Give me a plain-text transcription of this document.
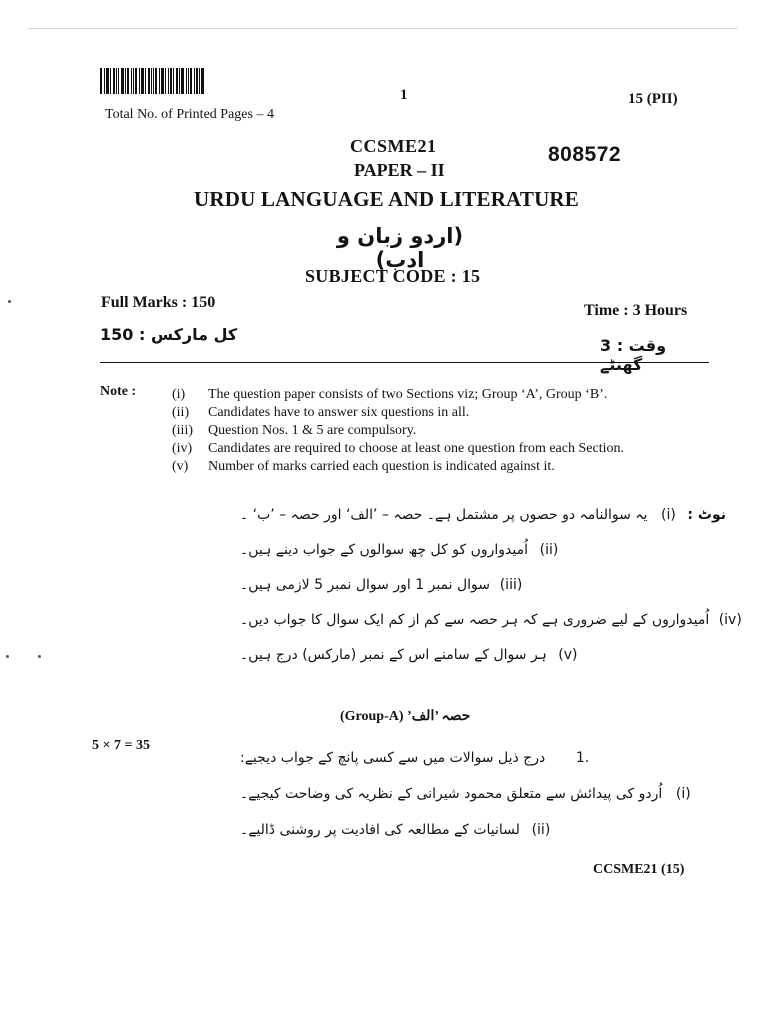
1	15 (PII)
Total No. of Printed Pages – 4
CCSME21	808572
PAPER – II
URDU LANGUAGE AND LITERATURE
(اردو زبان و ادب)
SUBJECT CODE : 15
Full Marks : 150	Time : 3 Hours
کل مارکس : 150
وقت : 3 گھنٹے
Note :	(i) The question paper consists of two Sections viz; Group ‘A’, Group ‘B’.
(ii) Candidates have to answer six questions in all.
(iii) Question Nos. 1 & 5 are compulsory.
(iv) Candidates are required to choose at least one question from each Section.
(v) Number of marks carried each question is indicated against it.
نوٹ :
(i)
یہ سوالنامہ دو حصوں پر مشتمل ہے۔ حصہ – ’الف‘ اور حصہ – ’ب‘ ۔
(ii)
اُمیدواروں کو کل چھ سوالوں کے جواب دینے ہیں۔
(iii)
سوال نمبر 1 اور سوال نمبر 5 لازمی ہیں۔
(iv)
اُمیدواروں کے لیے ضروری ہے کہ ہر حصہ سے کم از کم ایک سوال کا جواب دیں۔
(v)
ہر سوال کے سامنے اس کے نمبر (مارکس) درج ہیں۔
(Group-A) ’حصہ ’الف
5 × 7 = 35
1.
درج ذیل سوالات میں سے کسی پانچ کے جواب دیجیے:
(i)
اُردو کی پیدائش سے متعلق محمود شیرانی کے نظریہ کی وضاحت کیجیے۔
(ii)
لسانیات کے مطالعہ کی افادیت پر روشنی ڈالیے۔
CCSME21 (15)
